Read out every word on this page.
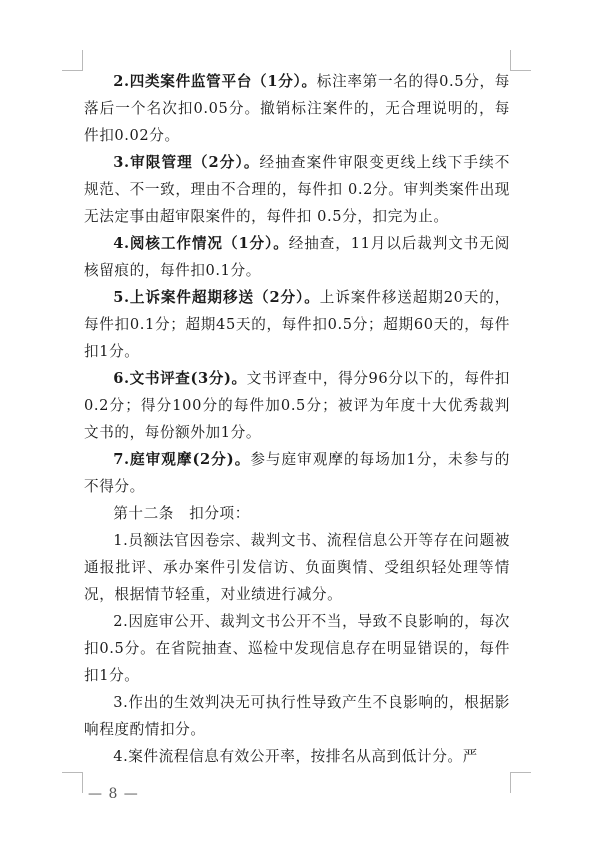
2.四类案件监管平台（1分）。标注率第一名的得0.5分，每落后一个名次扣0.05分。撤销标注案件的，无合理说明的，每件扣0.02分。

3.审限管理（2分）。经抽查案件审限变更线上线下手续不规范、不一致，理由不合理的，每件扣 0.2分。审判类案件出现无法定事由超审限案件的，每件扣 0.5分，扣完为止。

4.阅核工作情况（1分）。经抽查，11月以后裁判文书无阅核留痕的，每件扣0.1分。

5.上诉案件超期移送（2分）。上诉案件移送超期20天的，每件扣0.1分；超期45天的，每件扣0.5分；超期60天的，每件扣1分。

6.文书评查(3分)。文书评查中，得分96分以下的，每件扣0.2分；得分100分的每件加0.5分；被评为年度十大优秀裁判文书的，每份额外加1分。

7.庭审观摩(2分)。参与庭审观摩的每场加1分，未参与的不得分。

第十二条　扣分项：

1.员额法官因卷宗、裁判文书、流程信息公开等存在问题被通报批评、承办案件引发信访、负面舆情、受组织轻处理等情况，根据情节轻重，对业绩进行减分。

2.因庭审公开、裁判文书公开不当，导致不良影响的，每次扣0.5分。在省院抽查、巡检中发现信息存在明显错误的，每件扣1分。

3.作出的生效判决无可执行性导致产生不良影响的，根据影响程度酌情扣分。

4.案件流程信息有效公开率，按排名从高到低计分。严

— 8 —
